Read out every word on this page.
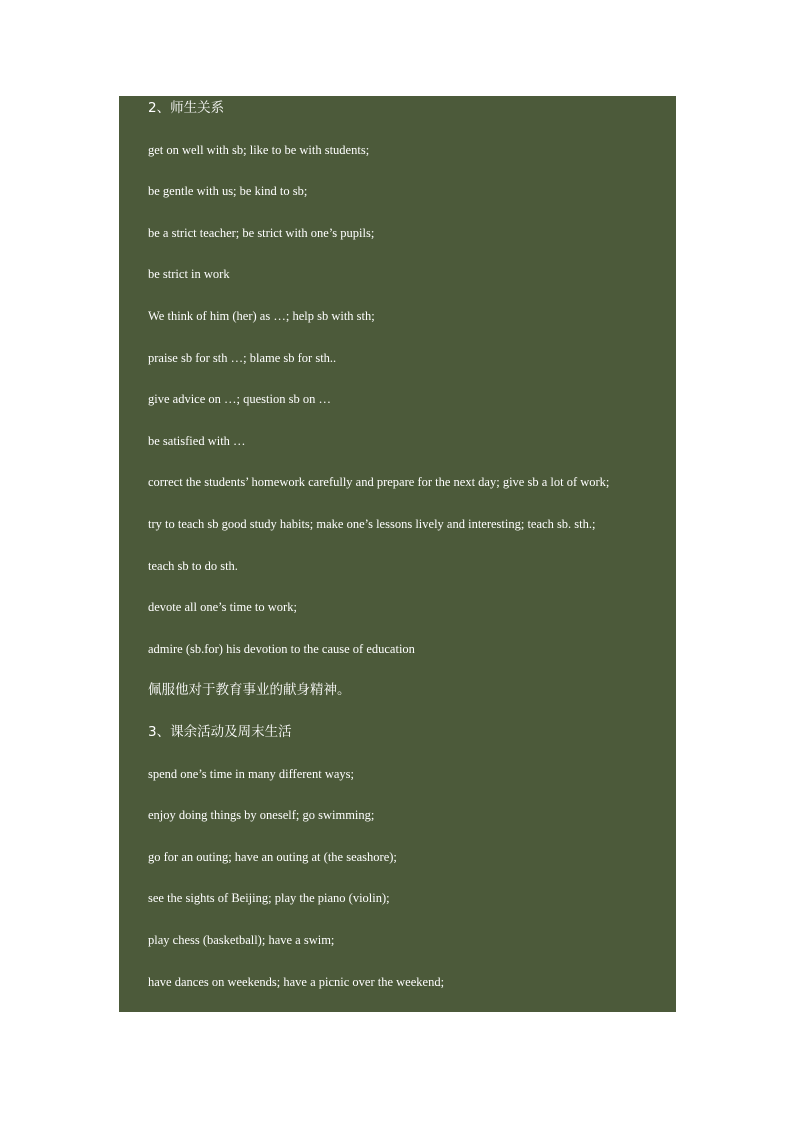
2、师生关系
get on well with sb; like to be with students;
be gentle with us; be kind to sb;
be a strict teacher; be strict with one’s pupils;
be strict in work
We think of him (her) as …; help sb with sth;
praise sb for sth …; blame sb for sth..
give advice on …; question sb on …
be satisfied with …
correct the students’ homework carefully and prepare for the next day; give sb a lot of work;
try to teach sb good study habits; make one’s lessons lively and interesting; teach sb. sth.;
teach sb to do sth.
devote all one’s time to work;
admire (sb.for) his devotion to the cause of education
佩服他对于教育事业的献身精神。
3、课余活动及周末生活
spend one’s time in many different ways;
enjoy doing things by oneself; go swimming;
go for an outing; have an outing at (the seashore);
see the sights of Beijing; play the piano (violin);
play chess (basketball); have a swim;
have dances on weekends; have a picnic over the weekend;
